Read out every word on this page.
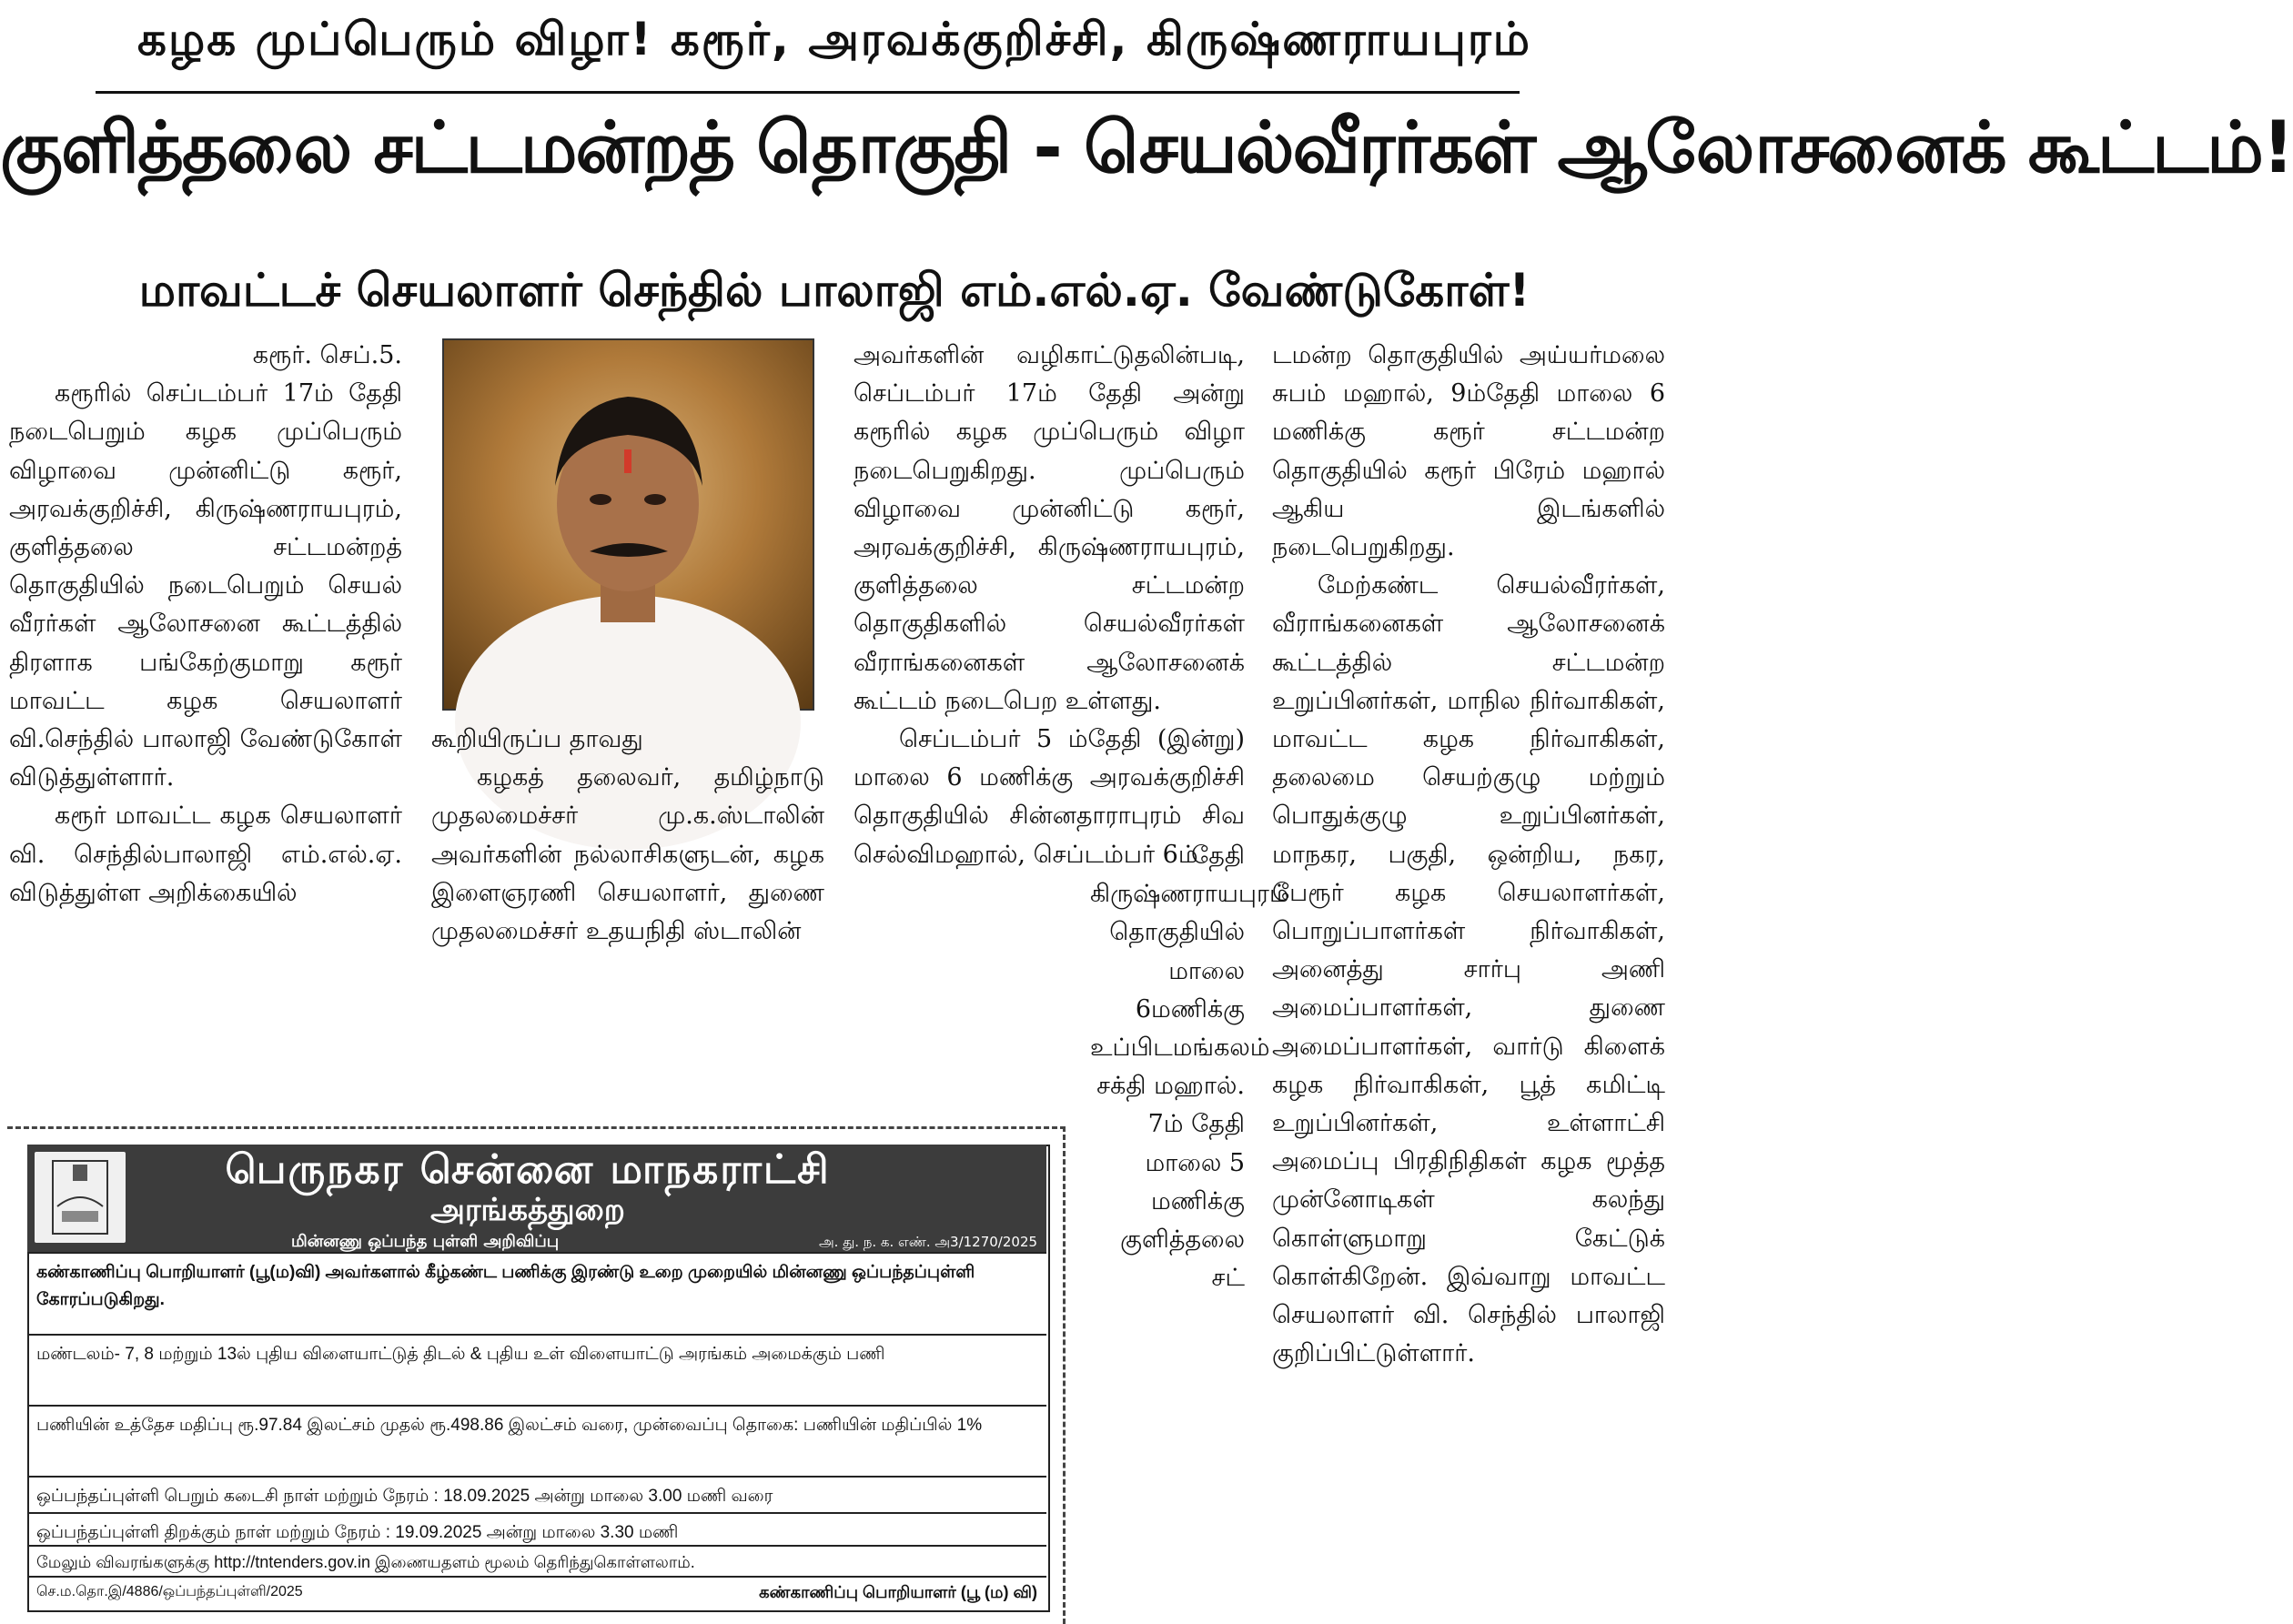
கழக முப்பெரும் விழா! கரூர், அரவக்குறிச்சி, கிருஷ்ணராயபுரம்
குளித்தலை சட்டமன்றத் தொகுதி - செயல்வீரர்கள் ஆலோசனைக் கூட்டம்!
மாவட்டச் செயலாளர் செந்தில் பாலாஜி எம்.எல்.ஏ. வேண்டுகோள்!

கரூர். செப்.5.

கரூரில் செப்டம்பர் 17ம் தேதி நடைபெறும் கழக முப்பெரும் விழாவை முன்னிட்டு கரூர், அரவக்குறிச்சி, கிருஷ்ணராயபுரம், குளித்தலை சட்டமன்றத் தொகுதியில் நடைபெறும் செயல் வீரர்கள் ஆலோசனை கூட்டத்தில் திரளாக பங்கேற்குமாறு கரூர் மாவட்ட கழக செயலாளர் வி.செந்தில் பாலாஜி வேண்டுகோள் விடுத்துள்ளார்.

கரூர் மாவட்ட கழக செயலாளர் வி. செந்தில்பாலாஜி எம்.எல்.ஏ. விடுத்துள்ள அறிக்கையில்

கூறியிருப்ப தாவது

கழகத் தலைவர், தமிழ்நாடு முதலமைச்சர் மு.க.ஸ்டாலின் அவர்களின் நல்லாசிகளுடன், கழக இளைஞரணி செயலாளர், துணை முதலமைச்சர் உதயநிதி ஸ்டாலின்

அவர்களின் வழிகாட்டுதலின்படி, செப்டம்பர் 17ம் தேதி அன்று கரூரில் கழக முப்பெரும் விழா நடைபெறுகிறது. முப்பெரும் விழாவை முன்னிட்டு கரூர், அரவக்குறிச்சி, கிருஷ்ணராயபுரம், குளித்தலை சட்டமன்ற தொகுதிகளில் செயல்வீரர்கள் வீராங்கனைகள் ஆலோசனைக் கூட்டம் நடைபெற உள்ளது.

செப்டம்பர் 5 ம்தேதி (இன்று) மாலை 6 மணிக்கு அரவக்குறிச்சி தொகுதியில் சின்னதாராபுரம் சிவ செல்விமஹால், செப்டம்பர் 6ம்

தேதி கிருஷ்ணராயபுரம் தொகுதியில் மாலை 6மணிக்கு உப்பிடமங்கலம் சக்தி மஹால். 7ம் தேதி மாலை 5 மணிக்கு குளித்தலை சட்

டமன்ற தொகுதியில் அய்யர்மலை சுபம் மஹால், 9ம்தேதி மாலை 6 மணிக்கு கரூர் சட்டமன்ற தொகுதியில் கரூர் பிரேம் மஹால் ஆகிய இடங்களில் நடைபெறுகிறது.

மேற்கண்ட செயல்வீரர்கள், வீராங்கனைகள் ஆலோசனைக் கூட்டத்தில் சட்டமன்ற உறுப்பினர்கள், மாநில நிர்வாகிகள், மாவட்ட கழக நிர்வாகிகள், தலைமை செயற்குழு மற்றும் பொதுக்குழு உறுப்பினர்கள், மாநகர, பகுதி, ஒன்றிய, நகர, பேரூர் கழக செயலாளர்கள், பொறுப்பாளர்கள் நிர்வாகிகள், அனைத்து சார்பு அணி அமைப்பாளர்கள், துணை அமைப்பாளர்கள், வார்டு கிளைக் கழக நிர்வாகிகள், பூத் கமிட்டி உறுப்பினர்கள், உள்ளாட்சி அமைப்பு பிரதிநிதிகள் கழக மூத்த முன்னோடிகள் கலந்து கொள்ளுமாறு கேட்டுக் கொள்கிறேன். இவ்வாறு மாவட்ட செயலாளர் வி. செந்தில் பாலாஜி குறிப்பிட்டுள்ளார்.

பெருநகர சென்னை மாநகராட்சி
அரங்கத்துறை
மின்னணு ஒப்பந்த புள்ளி அறிவிப்பு	அ. து. ந. க. எண். அ3/1270/2025
கண்காணிப்பு பொறியாளர் (பூ(ம)வி) அவர்களால் கீழ்கண்ட பணிக்கு இரண்டு உறை முறையில் மின்னணு ஒப்பந்தப்புள்ளி கோரப்படுகிறது.
மண்டலம்- 7, 8 மற்றும் 13ல் புதிய விளையாட்டுத் திடல் & புதிய உள் விளையாட்டு அரங்கம் அமைக்கும் பணி
பணியின் உத்தேச மதிப்பு ரூ.97.84 இலட்சம் முதல் ரூ.498.86 இலட்சம் வரை, முன்வைப்பு தொகை: பணியின் மதிப்பில் 1%
ஒப்பந்தப்புள்ளி பெறும் கடைசி நாள் மற்றும் நேரம் : 18.09.2025 அன்று மாலை 3.00 மணி வரை
ஒப்பந்தப்புள்ளி திறக்கும் நாள் மற்றும் நேரம் : 19.09.2025 அன்று மாலை 3.30 மணி
மேலும் விவரங்களுக்கு http://tntenders.gov.in இணையதளம் மூலம் தெரிந்துகொள்ளலாம்.
செ.ம.தொ.இ/4886/ஒப்பந்தப்புள்ளி/2025	கண்காணிப்பு பொறியாளர் (பூ (ம) வி)
